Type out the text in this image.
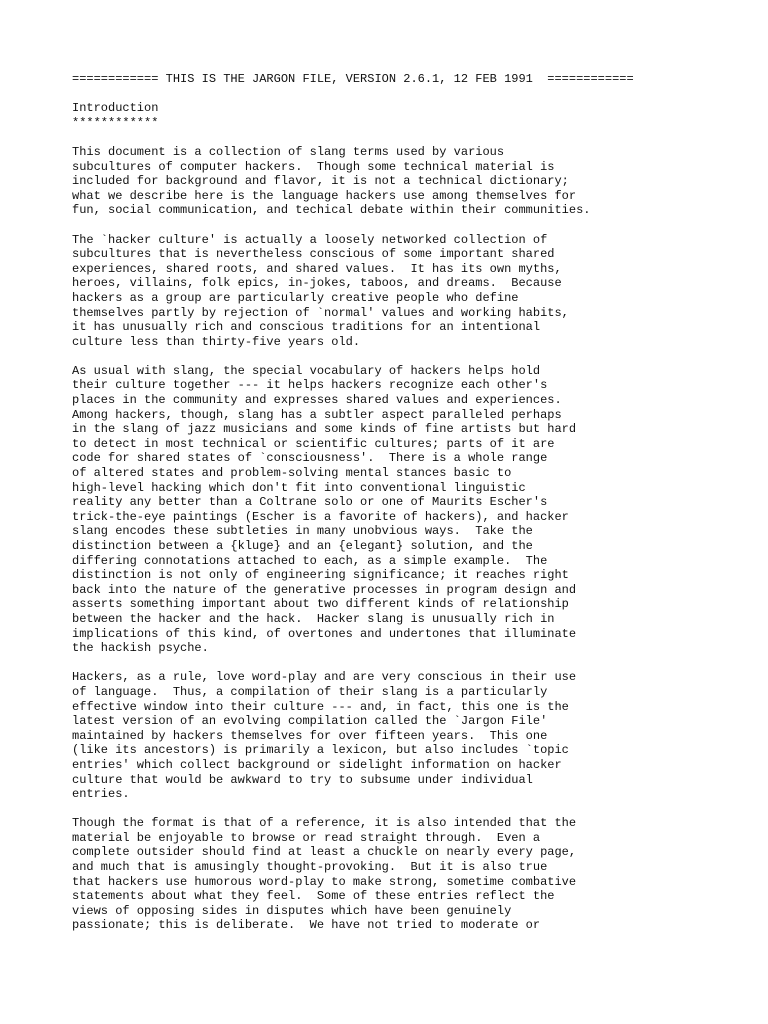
============ THIS IS THE JARGON FILE, VERSION 2.6.1, 12 FEB 1991  ============
Introduction
************
This document is a collection of slang terms used by various
subcultures of computer hackers.  Though some technical material is
included for background and flavor, it is not a technical dictionary;
what we describe here is the language hackers use among themselves for
fun, social communication, and techical debate within their communities.
The `hacker culture' is actually a loosely networked collection of
subcultures that is nevertheless conscious of some important shared
experiences, shared roots, and shared values.  It has its own myths,
heroes, villains, folk epics, in-jokes, taboos, and dreams.  Because
hackers as a group are particularly creative people who define
themselves partly by rejection of `normal' values and working habits,
it has unusually rich and conscious traditions for an intentional
culture less than thirty-five years old.
As usual with slang, the special vocabulary of hackers helps hold
their culture together --- it helps hackers recognize each other's
places in the community and expresses shared values and experiences.
Among hackers, though, slang has a subtler aspect paralleled perhaps
in the slang of jazz musicians and some kinds of fine artists but hard
to detect in most technical or scientific cultures; parts of it are
code for shared states of `consciousness'.  There is a whole range
of altered states and problem-solving mental stances basic to
high-level hacking which don't fit into conventional linguistic
reality any better than a Coltrane solo or one of Maurits Escher's
trick-the-eye paintings (Escher is a favorite of hackers), and hacker
slang encodes these subtleties in many unobvious ways.  Take the
distinction between a {kluge} and an {elegant} solution, and the
differing connotations attached to each, as a simple example.  The
distinction is not only of engineering significance; it reaches right
back into the nature of the generative processes in program design and
asserts something important about two different kinds of relationship
between the hacker and the hack.  Hacker slang is unusually rich in
implications of this kind, of overtones and undertones that illuminate
the hackish psyche.
Hackers, as a rule, love word-play and are very conscious in their use
of language.  Thus, a compilation of their slang is a particularly
effective window into their culture --- and, in fact, this one is the
latest version of an evolving compilation called the `Jargon File'
maintained by hackers themselves for over fifteen years.  This one
(like its ancestors) is primarily a lexicon, but also includes `topic
entries' which collect background or sidelight information on hacker
culture that would be awkward to try to subsume under individual
entries.
Though the format is that of a reference, it is also intended that the
material be enjoyable to browse or read straight through.  Even a
complete outsider should find at least a chuckle on nearly every page,
and much that is amusingly thought-provoking.  But it is also true
that hackers use humorous word-play to make strong, sometime combative
statements about what they feel.  Some of these entries reflect the
views of opposing sides in disputes which have been genuinely
passionate; this is deliberate.  We have not tried to moderate or
